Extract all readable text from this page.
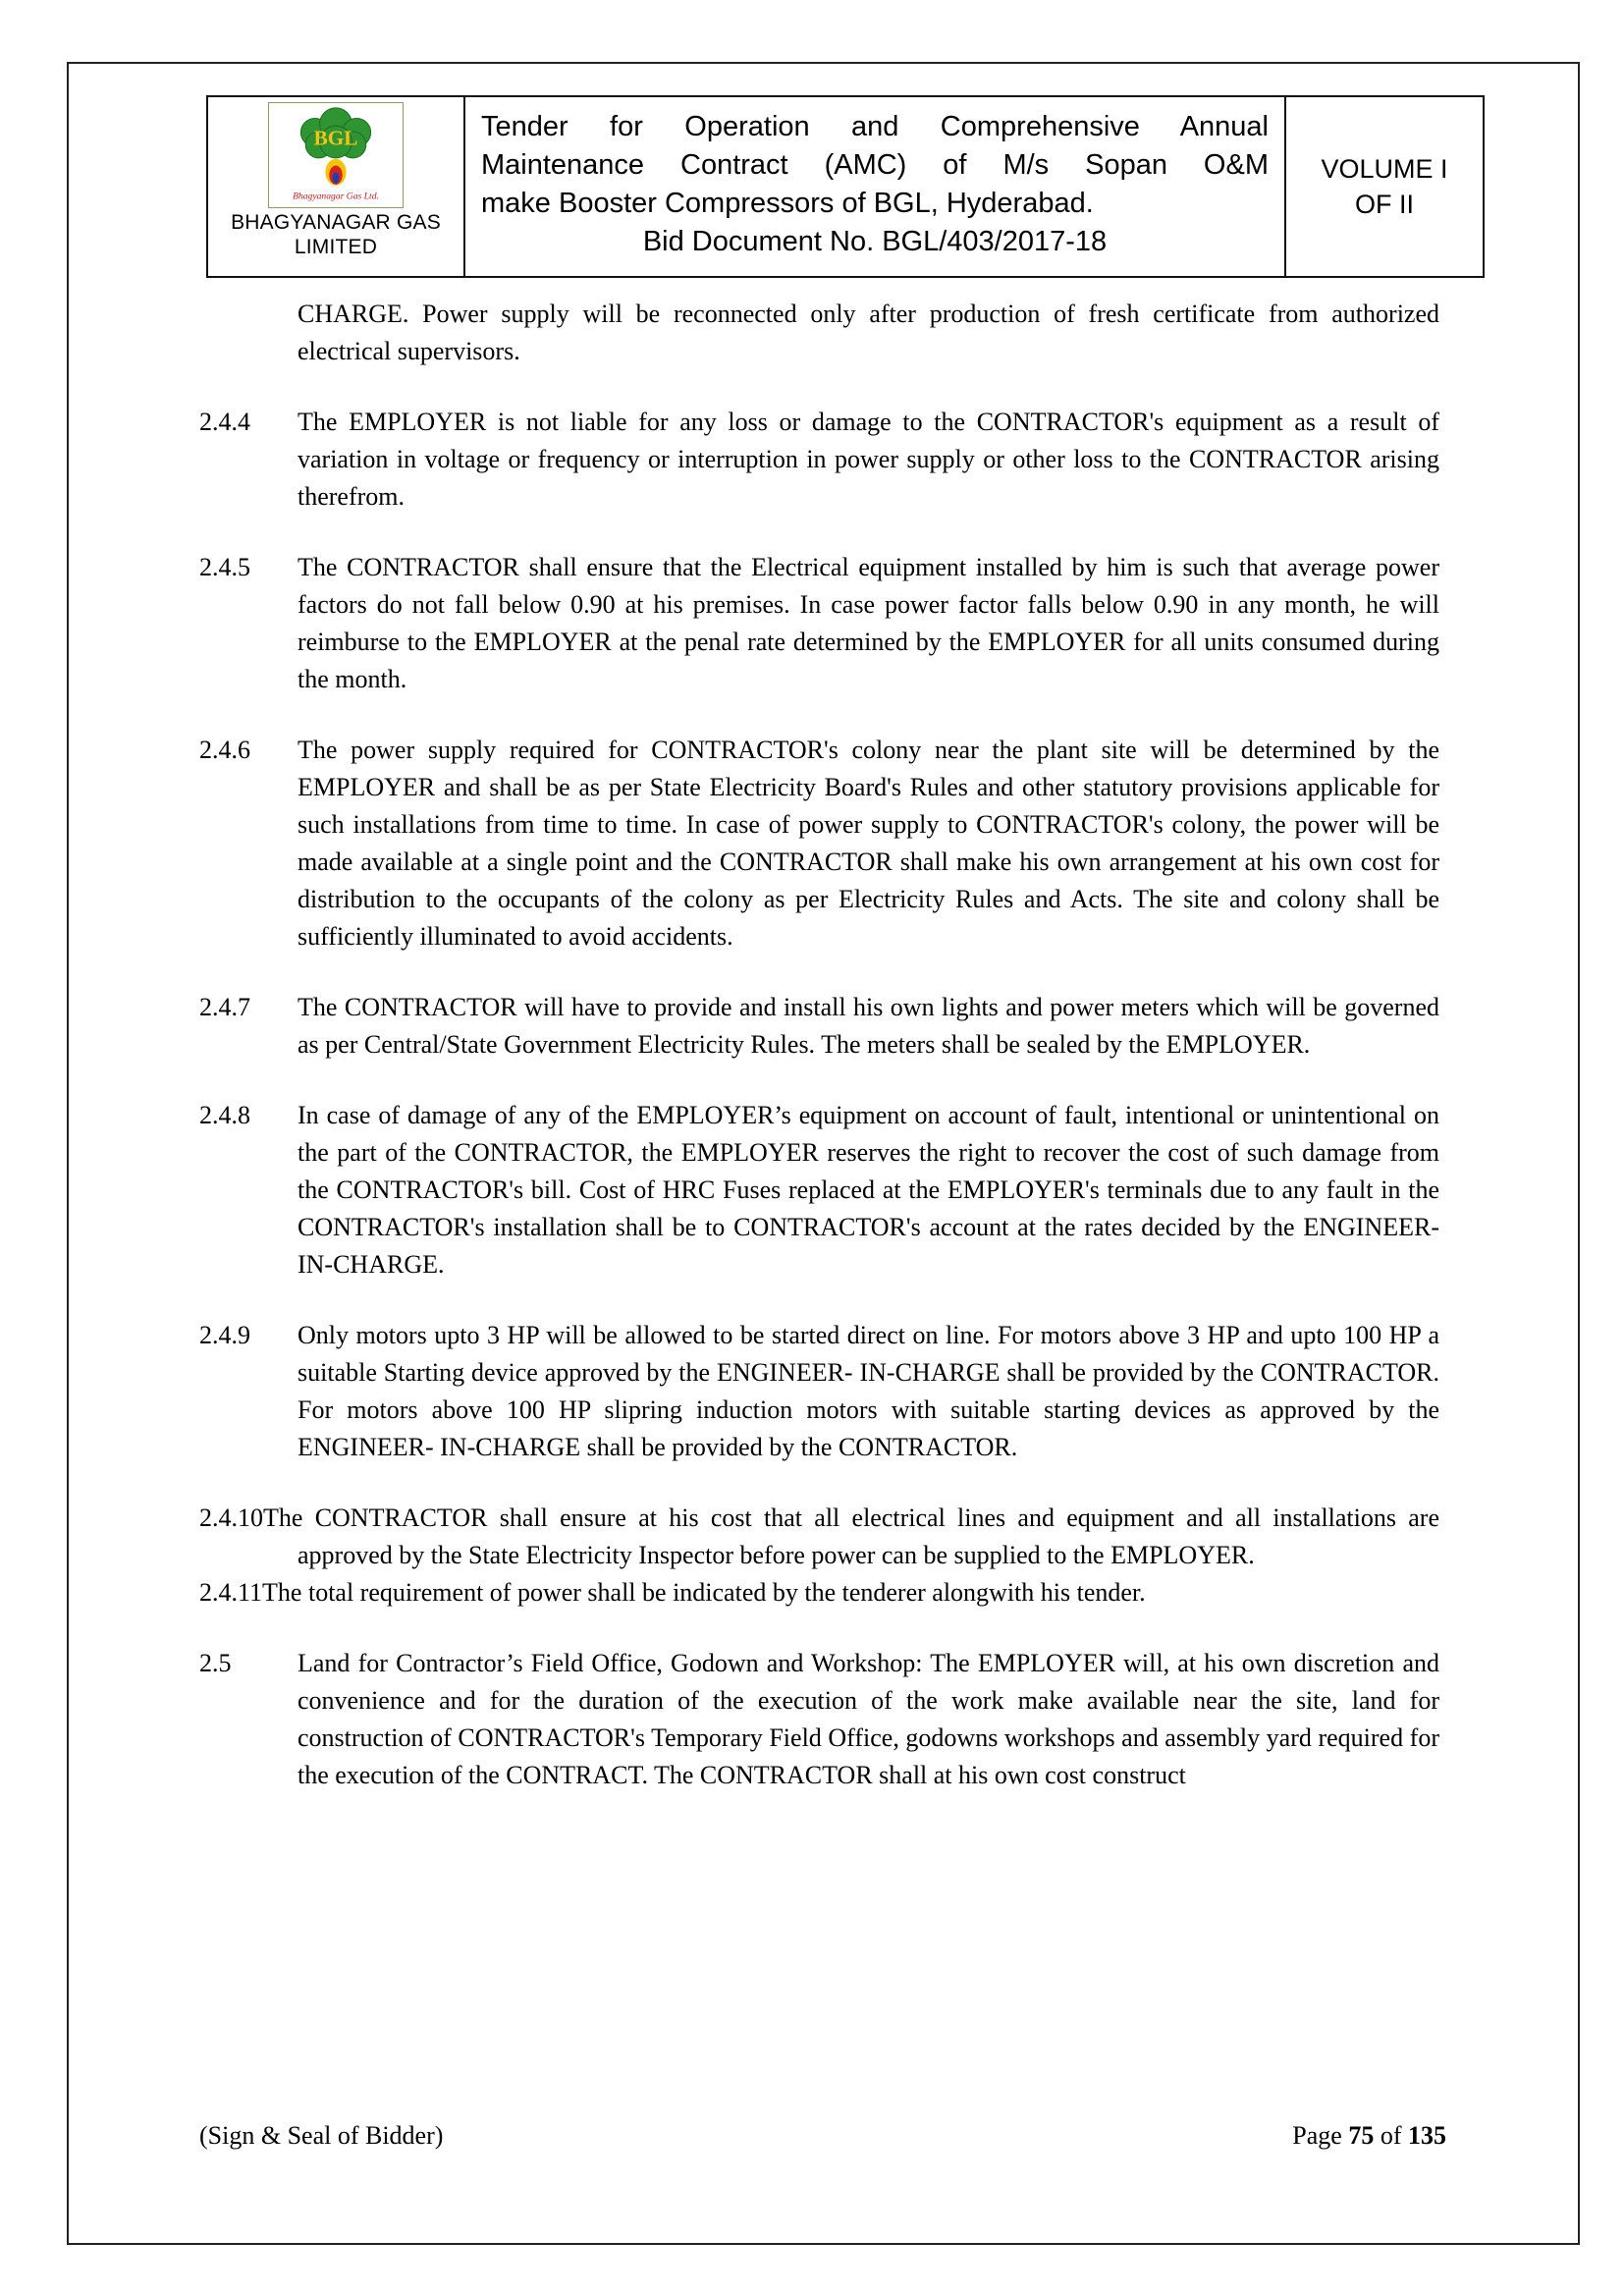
BGL
Bhagyanagar Gas Ltd.
BHAGYANAGAR GAS
LIMITED
Tender for Operation and Comprehensive Annual
Maintenance Contract (AMC) of M/s Sopan O&M
make Booster Compressors of BGL, Hyderabad.
Bid Document No. BGL/403/2017-18
VOLUME I
OF II
CHARGE. Power supply will be reconnected only after production of fresh certificate from authorized electrical supervisors.
2.4.4 The EMPLOYER is not liable for any loss or damage to the CONTRACTOR's equipment as a result of variation in voltage or frequency or interruption in power supply or other loss to the CONTRACTOR arising therefrom.
2.4.5 The CONTRACTOR shall ensure that the Electrical equipment installed by him is such that average power factors do not fall below 0.90 at his premises. In case power factor falls below 0.90 in any month, he will reimburse to the EMPLOYER at the penal rate determined by the EMPLOYER for all units consumed during the month.
2.4.6 The power supply required for CONTRACTOR's colony near the plant site will be determined by the EMPLOYER and shall be as per State Electricity Board's Rules and other statutory provisions applicable for such installations from time to time. In case of power supply to CONTRACTOR's colony, the power will be made available at a single point and the CONTRACTOR shall make his own arrangement at his own cost for distribution to the occupants of the colony as per Electricity Rules and Acts. The site and colony shall be sufficiently illuminated to avoid accidents.
2.4.7 The CONTRACTOR will have to provide and install his own lights and power meters which will be governed as per Central/State Government Electricity Rules. The meters shall be sealed by the EMPLOYER.
2.4.8 In case of damage of any of the EMPLOYER’s equipment on account of fault, intentional or unintentional on the part of the CONTRACTOR, the EMPLOYER reserves the right to recover the cost of such damage from the CONTRACTOR's bill. Cost of HRC Fuses replaced at the EMPLOYER's terminals due to any fault in the CONTRACTOR's installation shall be to CONTRACTOR's account at the rates decided by the ENGINEER-IN-CHARGE.
2.4.9 Only motors upto 3 HP will be allowed to be started direct on line. For motors above 3 HP and upto 100 HP a suitable Starting device approved by the ENGINEER- IN-CHARGE shall be provided by the CONTRACTOR. For motors above 100 HP slipring induction motors with suitable starting devices as approved by the ENGINEER- IN-CHARGE shall be provided by the CONTRACTOR.
2.4.10The CONTRACTOR shall ensure at his cost that all electrical lines and equipment and all installations are approved by the State Electricity Inspector before power can be supplied to the EMPLOYER.
2.4.11The total requirement of power shall be indicated by the tenderer alongwith his tender.
2.5	Land for Contractor’s Field Office, Godown and Workshop: The EMPLOYER will, at his own discretion and convenience and for the duration of the execution of the work make available near the site, land for construction of CONTRACTOR's Temporary Field Office, godowns workshops and assembly yard required for the execution of the CONTRACT. The CONTRACTOR shall at his own cost construct
(Sign & Seal of Bidder)	Page 75 of 135
